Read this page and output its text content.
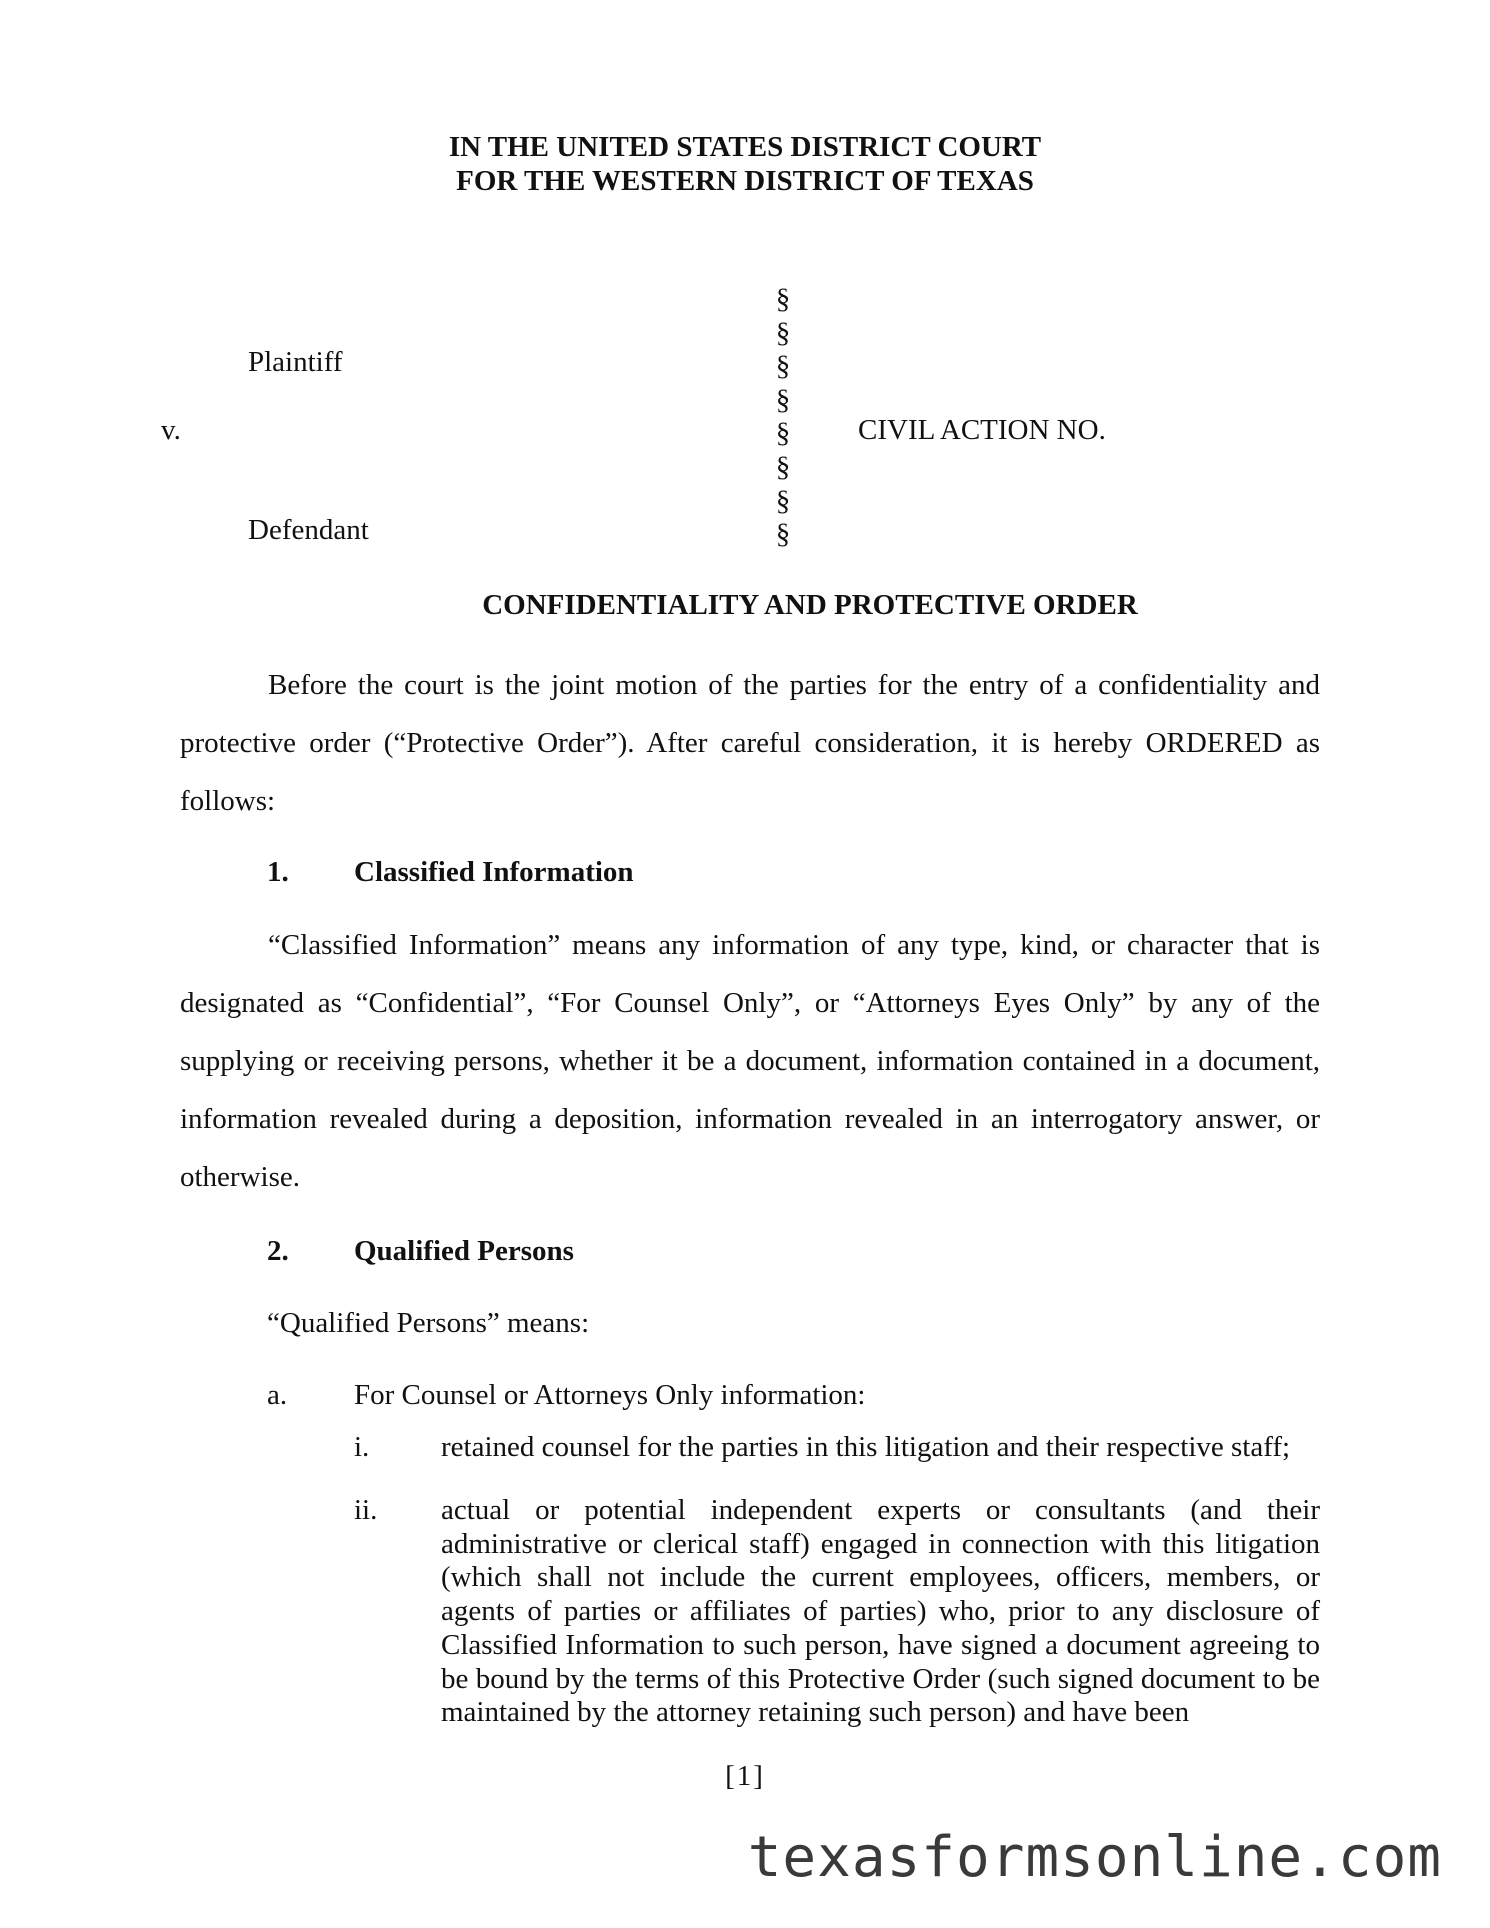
IN THE UNITED STATES DISTRICT COURT
FOR THE WESTERN DISTRICT OF TEXAS
Plaintiff
v.
Defendant
CIVIL ACTION NO.
§
§
§
§
§
§
§
§
CONFIDENTIALITY AND PROTECTIVE ORDER
Before the court is the joint motion of the parties for the entry of a confidentiality and protective order (“Protective Order”). After careful consideration, it is hereby ORDERED as follows:
1. Classified Information
“Classified Information” means any information of any type, kind, or character that is designated as “Confidential”, “For Counsel Only”, or “Attorneys Eyes Only” by any of the supplying or receiving persons, whether it be a document, information contained in a document, information revealed during a deposition, information revealed in an interrogatory answer, or otherwise.
2. Qualified Persons
“Qualified Persons” means:
a. For Counsel or Attorneys Only information:
i. retained counsel for the parties in this litigation and their respective staff;
ii. actual or potential independent experts or consultants (and their administrative or clerical staff) engaged in connection with this litigation (which shall not include the current employees, officers, members, or agents of parties or affiliates of parties) who, prior to any disclosure of Classified Information to such person, have signed a document agreeing to be bound by the terms of this Protective Order (such signed document to be maintained by the attorney retaining such person) and have been
[1]
texasformsonline.com
